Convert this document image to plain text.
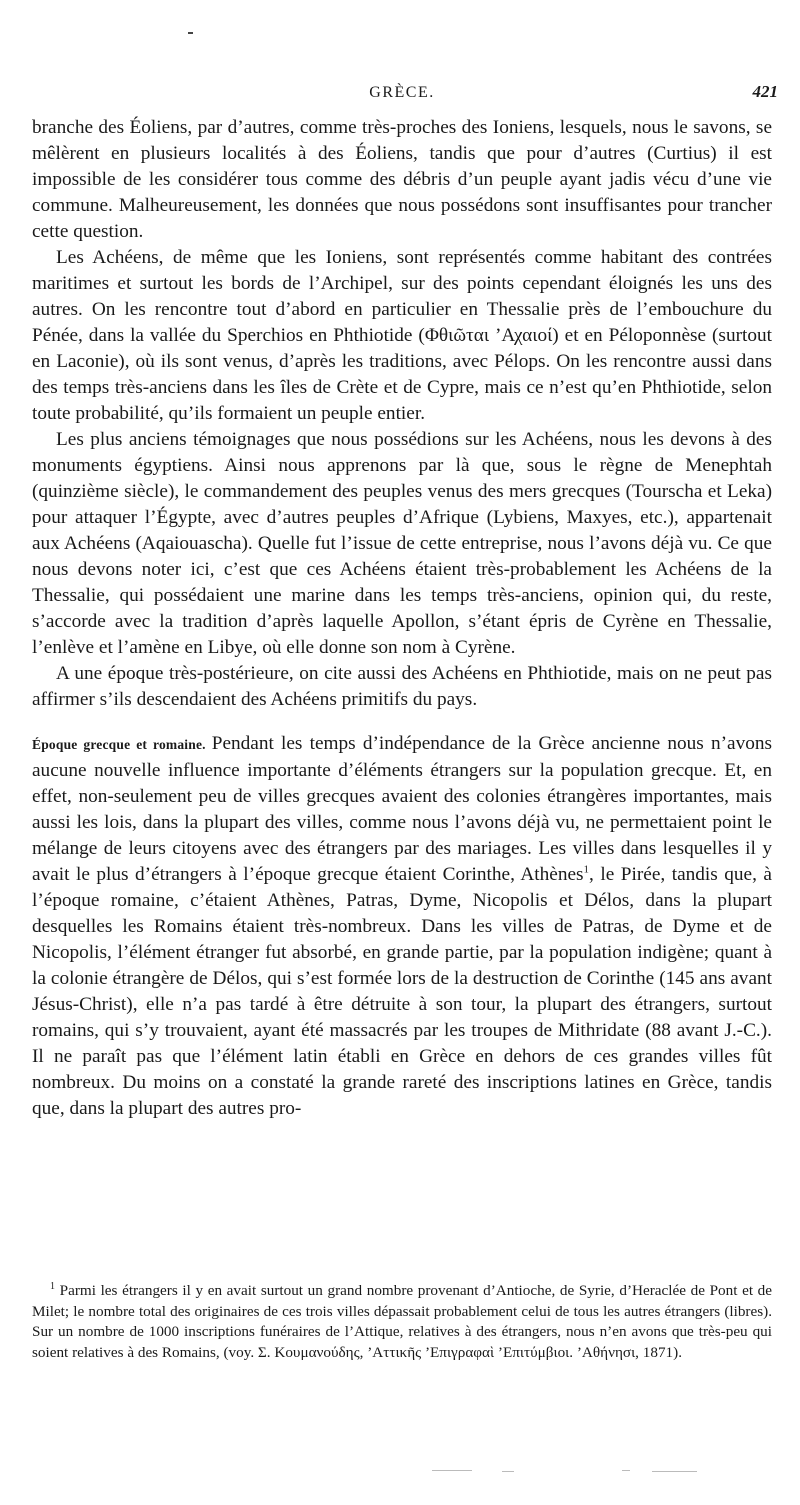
GRÈCE.	421

branche des Éoliens, par d’autres, comme très-proches des Ioniens, lesquels, nous le savons, se mêlèrent en plusieurs localités à des Éoliens, tandis que pour d’autres (Curtius) il est impossible de les considérer tous comme des débris d’un peuple ayant jadis vécu d’une vie commune. Malheureusement, les données que nous possédons sont insuffisantes pour trancher cette question.

Les Achéens, de même que les Ioniens, sont représentés comme habitant des contrées maritimes et surtout les bords de l’Archipel, sur des points cependant éloignés les uns des autres. On les rencontre tout d’abord en particulier en Thessalie près de l’embouchure du Pénée, dans la vallée du Sperchios en Phthiotide (Φθιῶται ’Αχαιοί) et en Péloponnèse (surtout en Laconie), où ils sont venus, d’après les traditions, avec Pélops. On les rencontre aussi dans des temps très-anciens dans les îles de Crète et de Cypre, mais ce n’est qu’en Phthiotide, selon toute probabilité, qu’ils formaient un peuple entier.

Les plus anciens témoignages que nous possédions sur les Achéens, nous les devons à des monuments égyptiens. Ainsi nous apprenons par là que, sous le règne de Menephtah (quinzième siècle), le commandement des peuples venus des mers grecques (Tourscha et Leka) pour attaquer l’Égypte, avec d’autres peuples d’Afrique (Lybiens, Maxyes, etc.), appartenait aux Achéens (Aqaiouascha). Quelle fut l’issue de cette entreprise, nous l’avons déjà vu. Ce que nous devons noter ici, c’est que ces Achéens étaient très-probablement les Achéens de la Thessalie, qui possédaient une marine dans les temps très-anciens, opinion qui, du reste, s’accorde avec la tradition d’après laquelle Apollon, s’étant épris de Cyrène en Thessalie, l’enlève et l’amène en Libye, où elle donne son nom à Cyrène.

A une époque très-postérieure, on cite aussi des Achéens en Phthiotide, mais on ne peut pas affirmer s’ils descendaient des Achéens primitifs du pays.

Époque grecque et romaine. Pendant les temps d’indépendance de la Grèce ancienne nous n’avons aucune nouvelle influence importante d’éléments étrangers sur la population grecque. Et, en effet, non-seulement peu de villes grecques avaient des colonies étrangères importantes, mais aussi les lois, dans la plupart des villes, comme nous l’avons déjà vu, ne permettaient point le mélange de leurs citoyens avec des étrangers par des mariages. Les villes dans lesquelles il y avait le plus d’étrangers à l’époque grecque étaient Corinthe, Athènes$^1$, le Pirée, tandis que, à l’époque romaine, c’étaient Athènes, Patras, Dyme, Nicopolis et Délos, dans la plupart desquelles les Romains étaient très-nombreux. Dans les villes de Patras, de Dyme et de Nicopolis, l’élément étranger fut absorbé, en grande partie, par la population indigène; quant à la colonie étrangère de Délos, qui s’est formée lors de la destruction de Corinthe (145 ans avant Jésus-Christ), elle n’a pas tardé à être détruite à son tour, la plupart des étrangers, surtout romains, qui s’y trouvaient, ayant été massacrés par les troupes de Mithridate (88 avant J.-C.). Il ne paraît pas que l’élément latin établi en Grèce en dehors de ces grandes villes fût nombreux. Du moins on a constaté la grande rareté des inscriptions latines en Grèce, tandis que, dans la plupart des autres pro-

$^1$ Parmi les étrangers il y en avait surtout un grand nombre provenant d’Antioche, de Syrie, d’Heraclée de Pont et de Milet; le nombre total des originaires de ces trois villes dépassait probablement celui de tous les autres étrangers (libres). Sur un nombre de 1000 inscriptions funéraires de l’Attique, relatives à des étrangers, nous n’en avons que très-peu qui soient relatives à des Romains, (voy. Σ. Κουμανούδης, ’Αττικῆς ’Επιγραφαὶ ’Επιτύμβιοι. ’Αθήνησι, 1871).
